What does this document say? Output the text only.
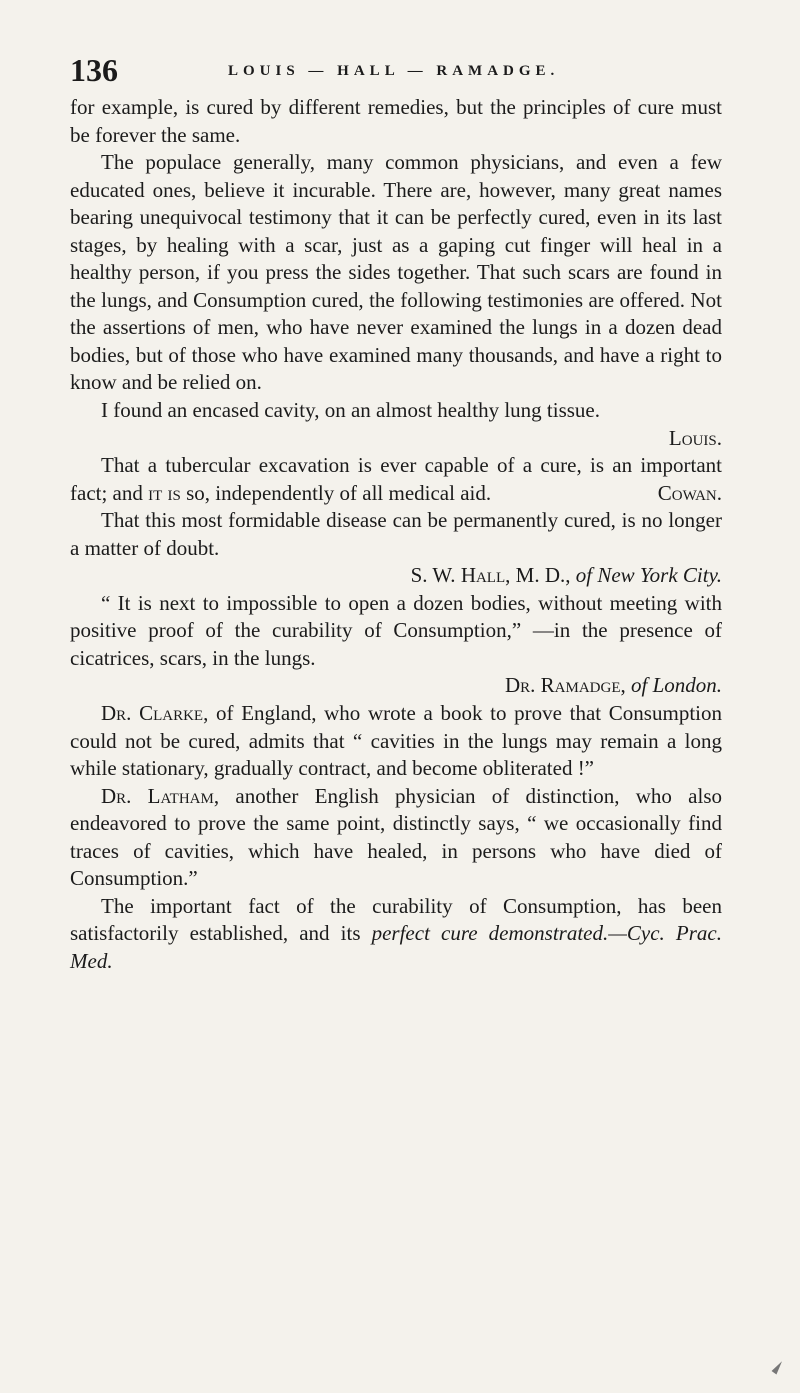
136	LOUIS — HALL — RAMADGE.

for example, is cured by different remedies, but the principles of cure must be forever the same.

The populace generally, many common physicians, and even a few educated ones, believe it incurable. There are, however, many great names bearing unequivocal testimony that it can be perfectly cured, even in its last stages, by healing with a scar, just as a gaping cut finger will heal in a healthy person, if you press the sides together. That such scars are found in the lungs, and Consumption cured, the following testimonies are offered. Not the assertions of men, who have never examined the lungs in a dozen dead bodies, but of those who have examined many thousands, and have a right to know and be relied on.

I found an encased cavity, on an almost healthy lung tissue.

Louis.

That a tubercular excavation is ever capable of a cure, is an important fact; and it is so, independently of all medical aid.	Cowan.

That this most formidable disease can be permanently cured, is no longer a matter of doubt.

S. W. Hall, M. D., of New York City.

“ It is next to impossible to open a dozen bodies, without meeting with positive proof of the curability of Consumption,” —in the presence of cicatrices, scars, in the lungs.

Dr. Ramadge, of London.

Dr. Clarke, of England, who wrote a book to prove that Consumption could not be cured, admits that “ cavities in the lungs may remain a long while stationary, gradually contract, and become obliterated !”

Dr. Latham, another English physician of distinction, who also endeavored to prove the same point, distinctly says, “ we occasionally find traces of cavities, which have healed, in persons who have died of Consumption.”

The important fact of the curability of Consumption, has been satisfactorily established, and its perfect cure demonstrated.—Cyc. Prac. Med.
